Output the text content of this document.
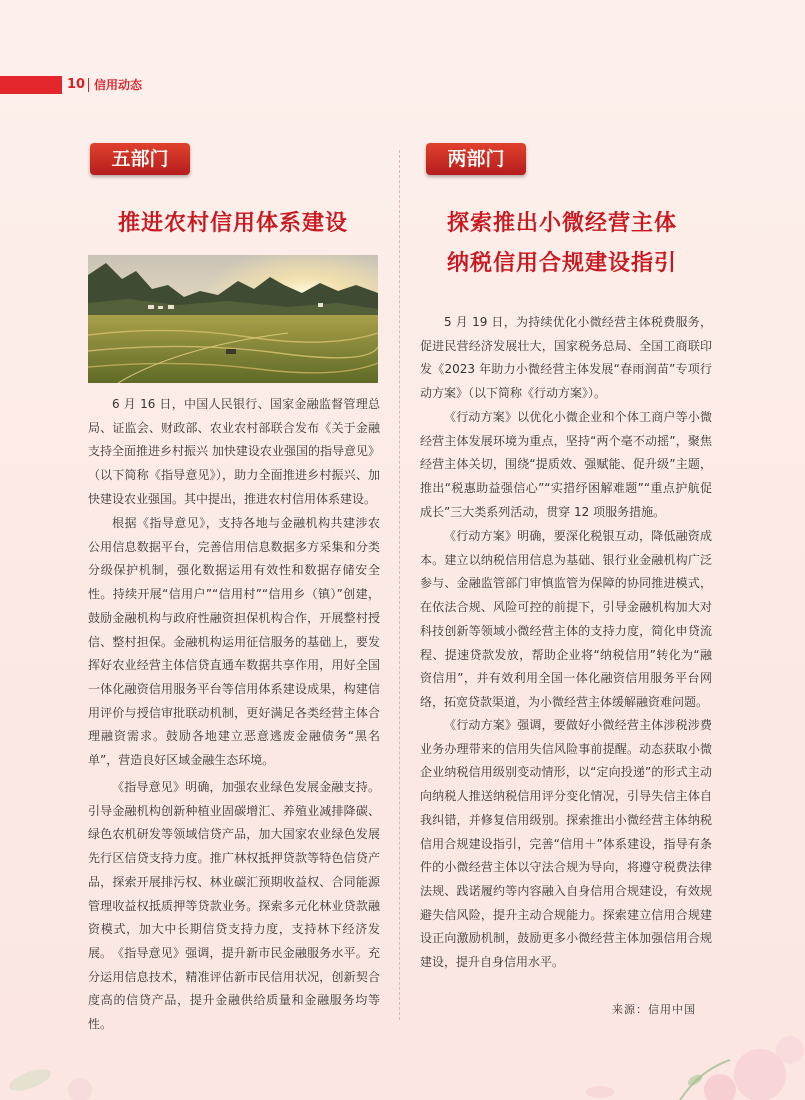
10 信用动态
五部门
推进农村信用体系建设

6 月 16 日，中国人民银行、国家金融监督管理总局、证监会、财政部、农业农村部联合发布《关于金融支持全面推进乡村振兴 加快建设农业强国的指导意见》（以下简称《指导意见》），助力全面推进乡村振兴、加快建设农业强国。其中提出，推进农村信用体系建设。

根据《指导意见》，支持各地与金融机构共建涉农公用信息数据平台，完善信用信息数据多方采集和分类分级保护机制，强化数据运用有效性和数据存储安全性。持续开展“信用户”“信用村”“信用乡（镇）”创建，鼓励金融机构与政府性融资担保机构合作，开展整村授信、整村担保。金融机构运用征信服务的基础上，要发挥好农业经营主体信贷直通车数据共享作用，用好全国一体化融资信用服务平台等信用体系建设成果，构建信用评价与授信审批联动机制，更好满足各类经营主体合理融资需求。鼓励各地建立恶意逃废金融债务“黑名单”，营造良好区域金融生态环境。

《指导意见》明确，加强农业绿色发展金融支持。引导金融机构创新种植业固碳增汇、养殖业减排降碳、绿色农机研发等领域信贷产品，加大国家农业绿色发展先行区信贷支持力度。推广林权抵押贷款等特色信贷产品，探索开展排污权、林业碳汇预期收益权、合同能源管理收益权抵质押等贷款业务。探索多元化林业贷款融资模式，加大中长期信贷支持力度，支持林下经济发展。 《指导意见》强调，提升新市民金融服务水平。充分运用信息技术，精准评估新市民信用状况，创新契合度高的信贷产品，提升金融供给质量和金融服务均等性。

两部门
探索推出小微经营主体
纳税信用合规建设指引

5 月 19 日，为持续优化小微经营主体税费服务，促进民营经济发展壮大，国家税务总局、全国工商联印发《2023 年助力小微经营主体发展“春雨润苗”专项行动方案》（以下简称《行动方案》）。

《行动方案》以优化小微企业和个体工商户等小微经营主体发展环境为重点，坚持“两个毫不动摇”，聚焦经营主体关切，围绕“提质效、强赋能、促升级”主题，推出“税惠助益强信心”“实措纾困解难题”“重点护航促成长”三大类系列活动，贯穿 12 项服务措施。

《行动方案》明确，要深化税银互动，降低融资成本。建立以纳税信用信息为基础、银行业金融机构广泛参与、金融监管部门审慎监管为保障的协同推进模式，在依法合规、风险可控的前提下，引导金融机构加大对科技创新等领域小微经营主体的支持力度，简化申贷流程、提速贷款发放，帮助企业将“纳税信用”转化为“融资信用”，并有效利用全国一体化融资信用服务平台网络，拓宽贷款渠道，为小微经营主体缓解融资难问题。

《行动方案》强调，要做好小微经营主体涉税涉费业务办理带来的信用失信风险事前提醒。动态获取小微企业纳税信用级别变动情形，以“定向投递”的形式主动向纳税人推送纳税信用评分变化情况，引导失信主体自我纠错，并修复信用级别。探索推出小微经营主体纳税信用合规建设指引，完善“信用＋”体系建设，指导有条件的小微经营主体以守法合规为导向，将遵守税费法律法规、践诺履约等内容融入自身信用合规建设，有效规避失信风险，提升主动合规能力。探索建立信用合规建设正向激励机制，鼓励更多小微经营主体加强信用合规建设，提升自身信用水平。

来源：信用中国
